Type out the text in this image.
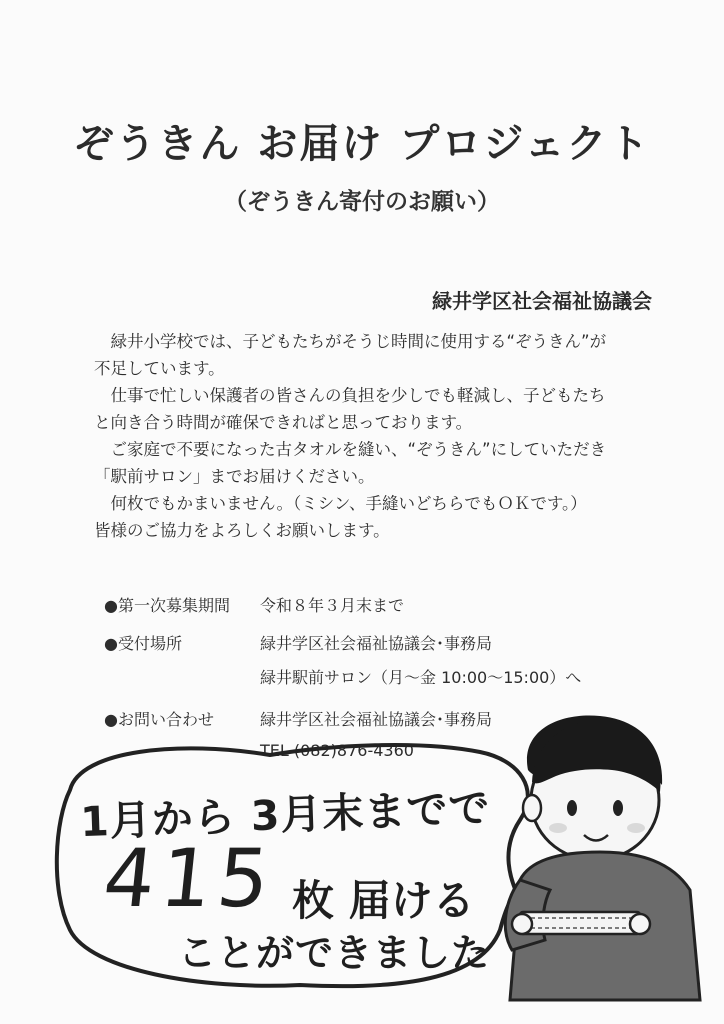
ぞうきん お届け プロジェクト
（ぞうきん寄付のお願い）
緑井学区社会福祉協議会

　緑井小学校では、子どもたちがそうじ時間に使用する“ぞうきん”が
不足しています。

　仕事で忙しい保護者の皆さんの負担を少しでも軽減し、子どもたち
と向き合う時間が確保できればと思っております。

　ご家庭で不要になった古タオルを縫い、“ぞうきん”にしていただき
「駅前サロン」までお届けください。

　何枚でもかまいません。（ミシン、手縫いどちらでもＯＫです。）
皆様のご協力をよろしくお願いします。

●第一次募集期間 令和８年３月末まで
●受付場所	緑井学区社会福祉協議会･事務局
緑井駅前サロン（月～金 10:00～15:00）へ
●お問い合わせ	緑井学区社会福祉協議会･事務局
TEL (082)876-4360
1月から 3月末までで
415 枚 届ける
ことができました
